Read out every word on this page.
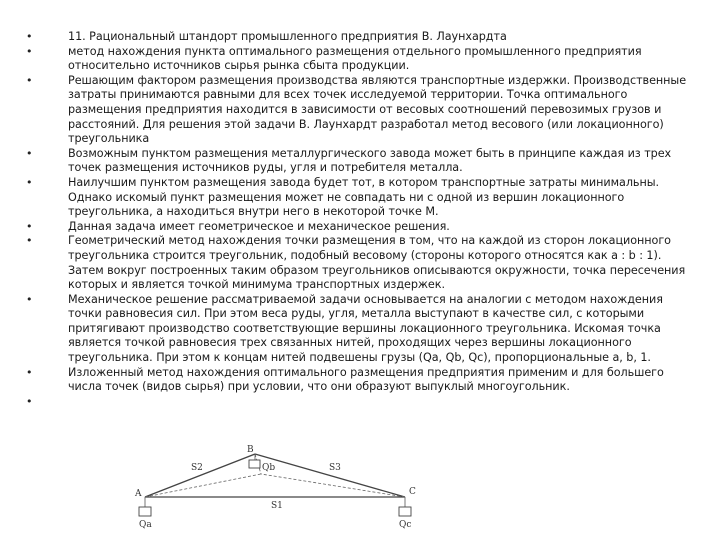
•	11. Рациональный штандорт промышленного предприятия В. Лаунхардта
•	метод нахождения пункта оптимального размещения отдельного промышленного предприятия относительно источников сырья рынка сбыта продукции.
•	Решающим фактором размещения производства являются транспортные издержки. Производственные затраты принимаются равными для всех точек исследуемой территории. Точка оптимального размещения предприятия находится в зависимости от весовых соотношений перевозимых грузов и расстояний. Для решения этой задачи В. Лаунхардт разработал метод весового (или локационного) треугольника
•	Возможным пунктом размещения металлургического завода может быть в принципе каждая из трех точек размещения источников руды, угля и потребителя металла.
•	Наилучшим пунктом размещения завода будет тот, в котором транспортные затраты минимальны. Однако искомый пункт размещения может не совпадать ни с одной из вершин локационного треугольника, а находиться внутри него в некоторой точке М.
•	Данная задача имеет геометрическое и механическое решения.
•	Геометрический метод нахождения точки размещения в том, что на каждой из сторон локационного треугольника строится треугольник, подобный весовому (стороны которого относятся как a : b : 1). Затем вокруг построенных таким образом треугольников описываются окружности, точка пересечения которых и является точкой минимума транспортных издержек.
•	Механическое решение рассматриваемой задачи основывается на аналогии с методом нахождения точки равновесия сил. При этом веса руды, угля, металла выступают в качестве сил, с которыми притягивают производство соответствующие вершины локационного треугольника. Искомая точка является точкой равновесия трех связанных нитей, проходящих через вершины локационного треугольника. При этом к концам нитей подвешены грузы (Qa, Qb, Qc), пропорциональные a, b, 1.
•	Изложенный метод нахождения оптимального размещения предприятия применим и для большего числа точек (видов сырья) при условии, что они образуют выпуклый многоугольник.
•
A
B
C
Qa
Qb
Qc
S1
S2	S3
